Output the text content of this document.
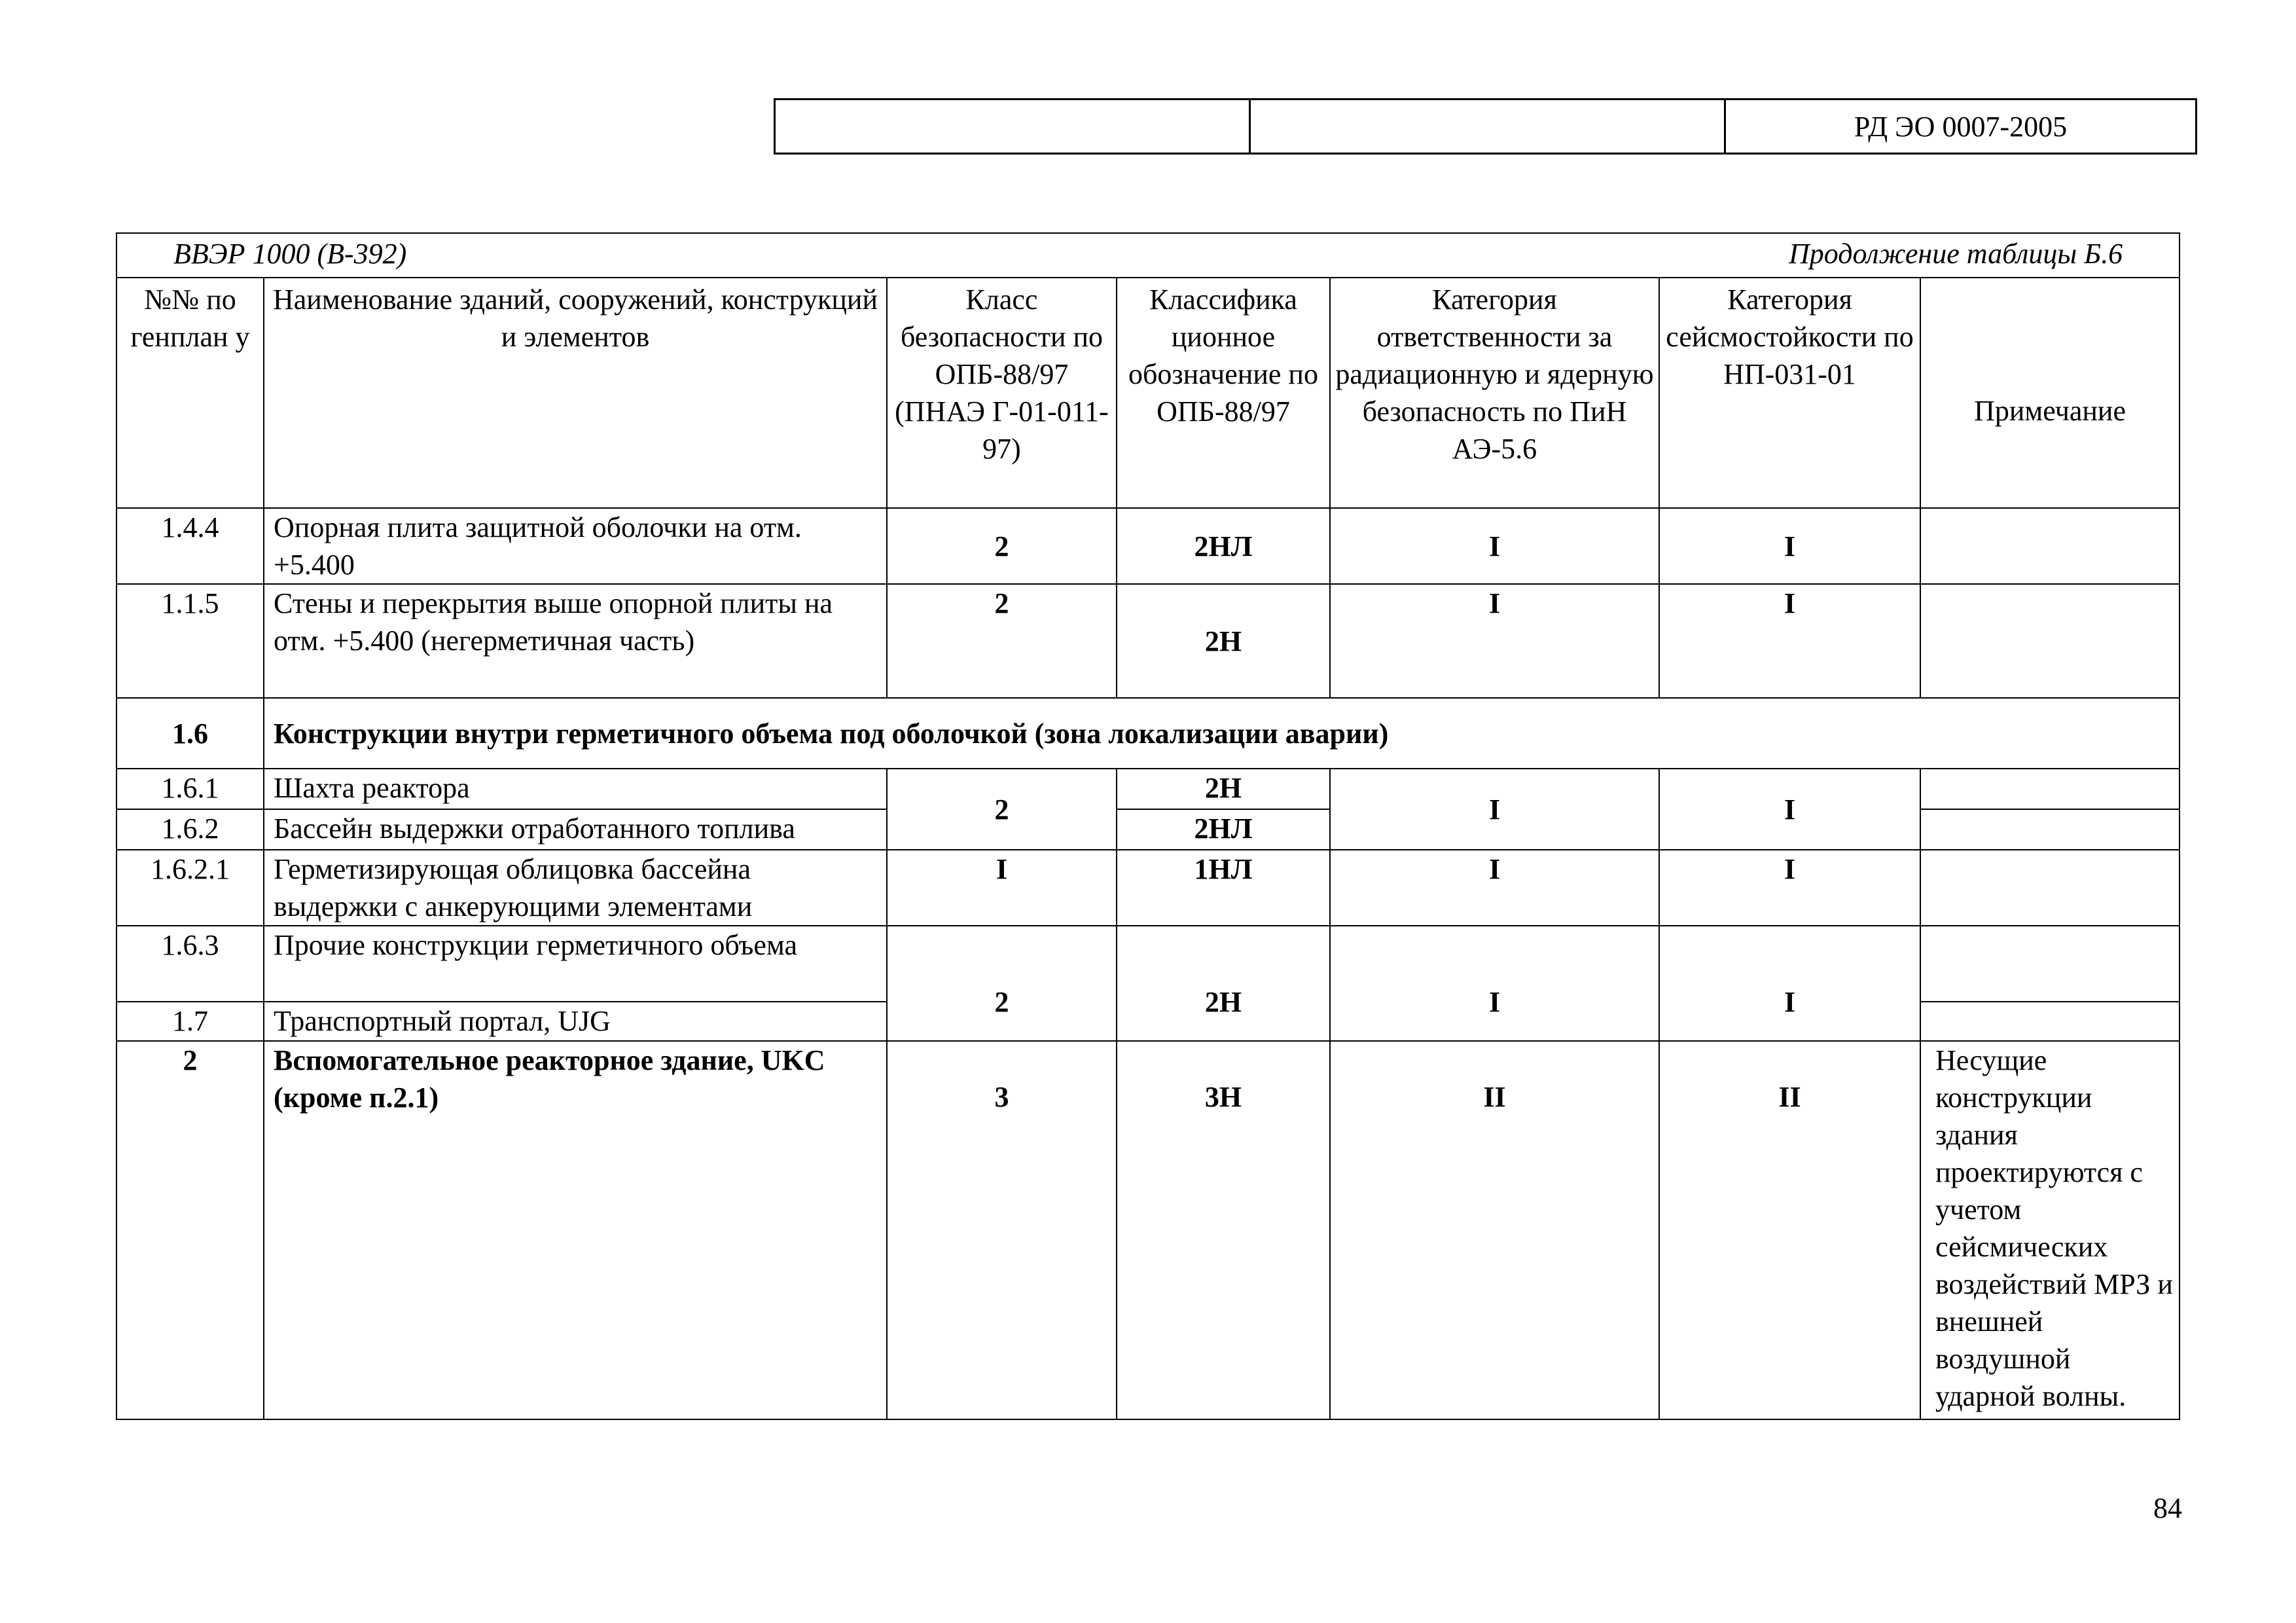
		РД ЭО 0007-2005
ВВЭР 1000 (В-392) Продолжение таблицы Б.6						

№№ по генплан у	Наименование зданий, сооружений, конструкций и элементов	Класс безопасности по ОПБ-88/97 (ПНАЭ Г-01-011-97)	Классифика ционное обозначение по ОПБ-88/97	Категория ответственности за радиационную и ядерную безопасность по ПиН АЭ-5.6	Категория сейсмостойкости по НП-031-01	Примечание
1.4.4	Опорная плита защитной оболочки на отм. +5.400	2	2НЛ	I	I	
1.1.5	Стены и перекрытия выше опорной плиты на отм. +5.400 (негерметичная часть)	2	2Н	I	I	
1.6	Конструкции внутри герметичного объема под оболочкой (зона локализации аварии)					
1.6.1	Шахта реактора	2	2Н	I	I	
1.6.2	Бассейн выдержки отработанного топлива		2НЛ			
1.6.2.1	Герметизирующая облицовка бассейна выдержки с анкерующими элементами	I	1НЛ	I	I	
1.6.3	Прочие конструкции герметичного объема	2	2Н	I	I	
1.7	Транспортный портал, UJG					
2	Вспомогательное реакторное здание, UKC (кроме п.2.1)	3	3Н	II	II	Несущие конструкции здания проектируются с учетом сейсмических воздействий МРЗ и внешней воздушной ударной волны.
84
